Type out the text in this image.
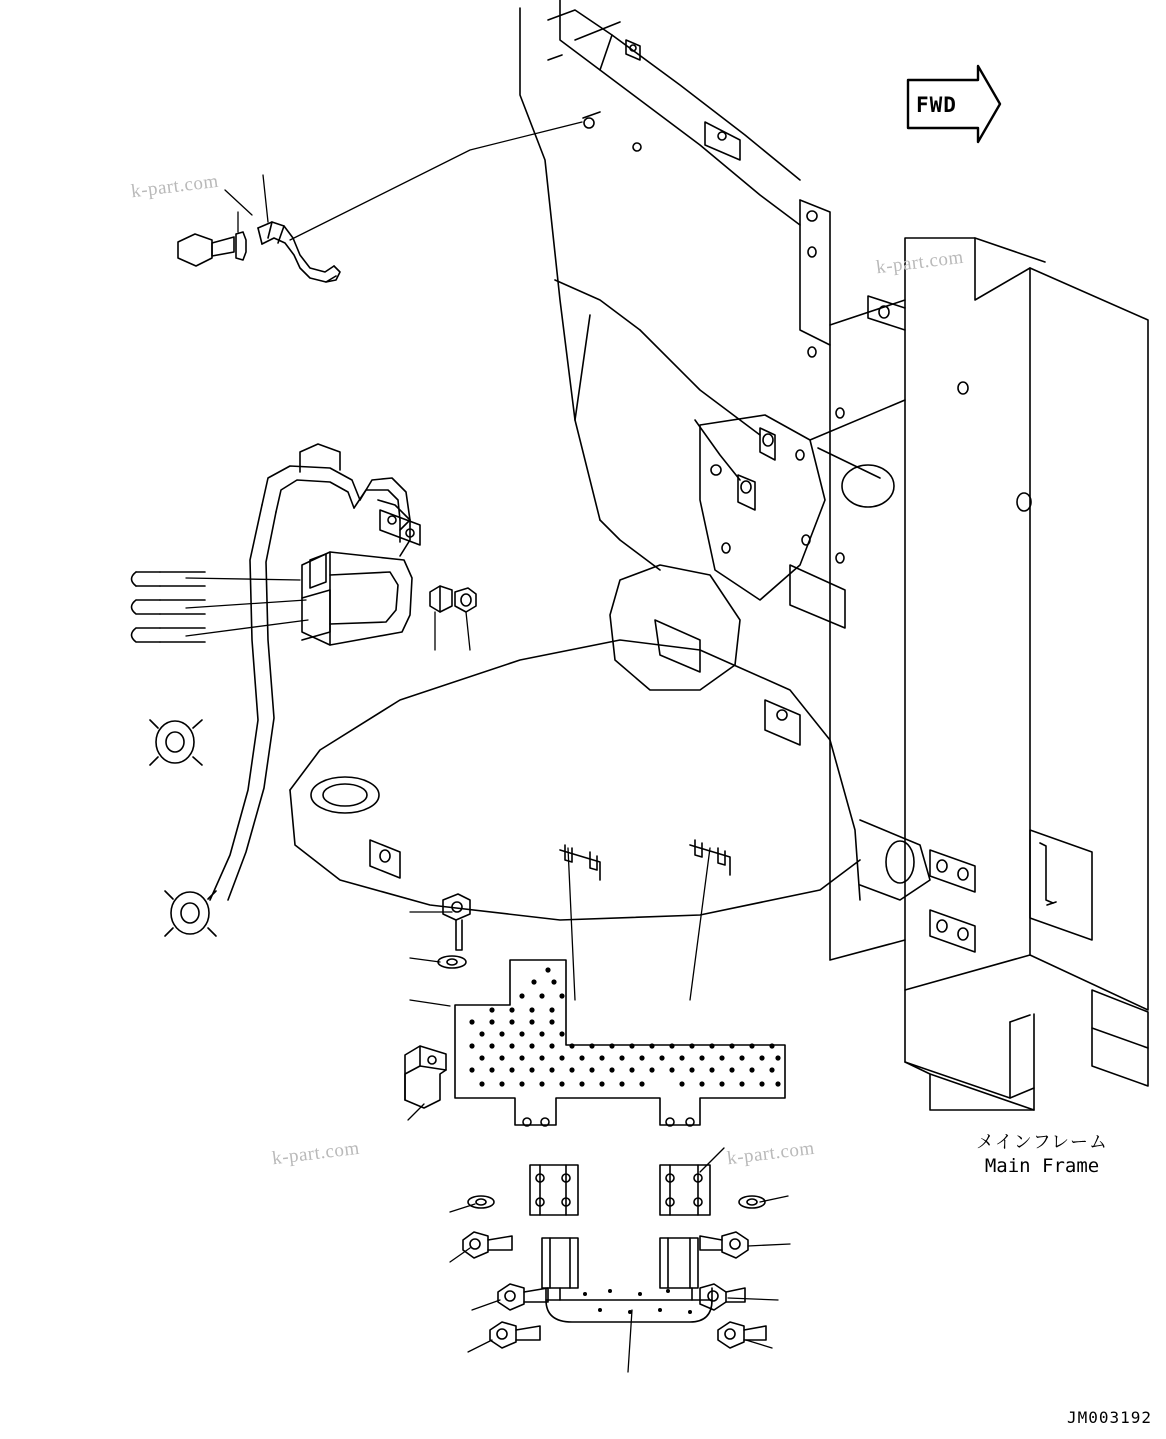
FWD
k-part.com
k-part.com
k-part.com	k-part.com	メインフレーム
Main Frame
JM003192
